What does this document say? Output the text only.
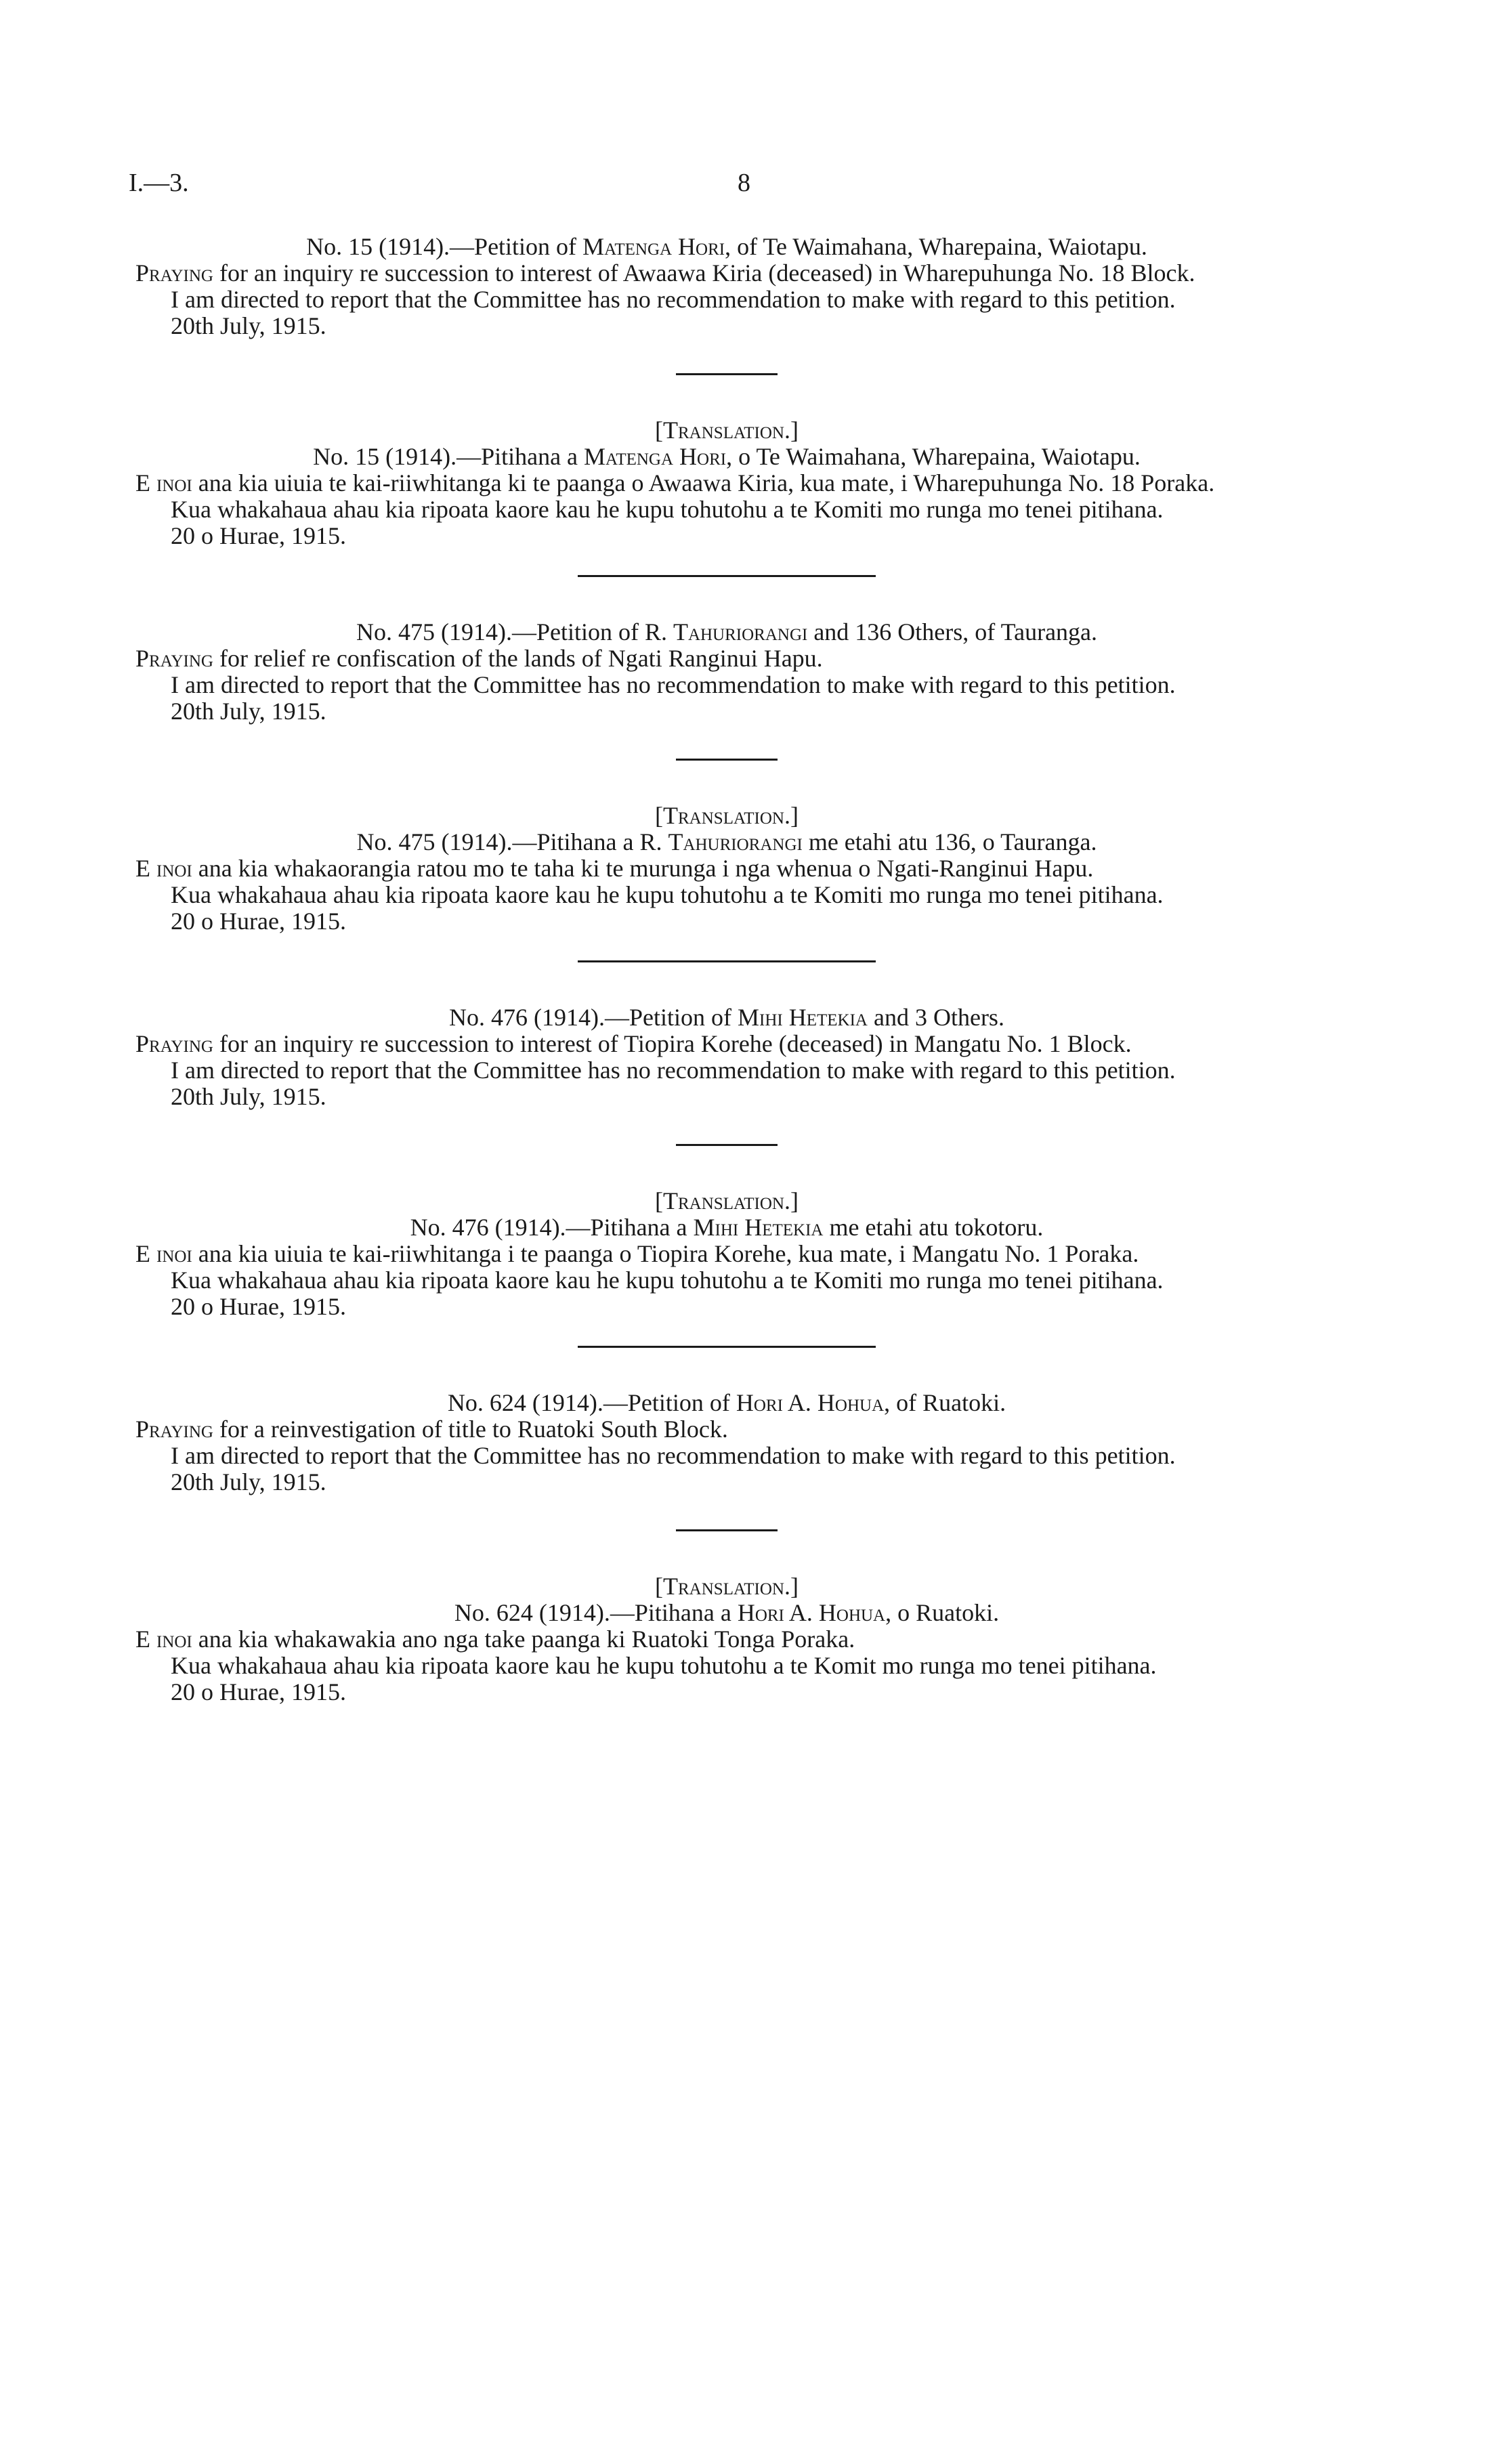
I.—3.	8

No. 15 (1914).—Petition of Matenga Hori, of Te Waimahana, Wharepaina, Waiotapu.

Praying for an inquiry re succession to interest of Awaawa Kiria (deceased) in Wharepuhunga No. 18 Block.

I am directed to report that the Committee has no recommendation to make with regard to this petition.

20th July, 1915.

[Translation.]

No. 15 (1914).—Pitihana a Matenga Hori, o Te Waimahana, Wharepaina, Waiotapu.

E inoi ana kia uiuia te kai-riiwhitanga ki te paanga o Awaawa Kiria, kua mate, i Wharepuhunga No. 18 Poraka.

Kua whakahaua ahau kia ripoata kaore kau he kupu tohutohu a te Komiti mo runga mo tenei pitihana.

20 o Hurae, 1915.

No. 475 (1914).—Petition of R. Tahuriorangi and 136 Others, of Tauranga.

Praying for relief re confiscation of the lands of Ngati Ranginui Hapu.

I am directed to report that the Committee has no recommendation to make with regard to this petition.

20th July, 1915.

[Translation.]

No. 475 (1914).—Pitihana a R. Tahuriorangi me etahi atu 136, o Tauranga.

E inoi ana kia whakaorangia ratou mo te taha ki te murunga i nga whenua o Ngati-Ranginui Hapu.

Kua whakahaua ahau kia ripoata kaore kau he kupu tohutohu a te Komiti mo runga mo tenei pitihana.

20 o Hurae, 1915.

No. 476 (1914).—Petition of Mihi Hetekia and 3 Others.

Praying for an inquiry re succession to interest of Tiopira Korehe (deceased) in Mangatu No. 1 Block.

I am directed to report that the Committee has no recommendation to make with regard to this petition.

20th July, 1915.

[Translation.]

No. 476 (1914).—Pitihana a Mihi Hetekia me etahi atu tokotoru.

E inoi ana kia uiuia te kai-riiwhitanga i te paanga o Tiopira Korehe, kua mate, i Mangatu No. 1 Poraka.

Kua whakahaua ahau kia ripoata kaore kau he kupu tohutohu a te Komiti mo runga mo tenei pitihana.

20 o Hurae, 1915.

No. 624 (1914).—Petition of Hori A. Hohua, of Ruatoki.

Praying for a reinvestigation of title to Ruatoki South Block.

I am directed to report that the Committee has no recommendation to make with regard to this petition.

20th July, 1915.

[Translation.]

No. 624 (1914).—Pitihana a Hori A. Hohua, o Ruatoki.

E inoi ana kia whakawakia ano nga take paanga ki Ruatoki Tonga Poraka.

Kua whakahaua ahau kia ripoata kaore kau he kupu tohutohu a te Komit mo runga mo tenei pitihana.

20 o Hurae, 1915.
